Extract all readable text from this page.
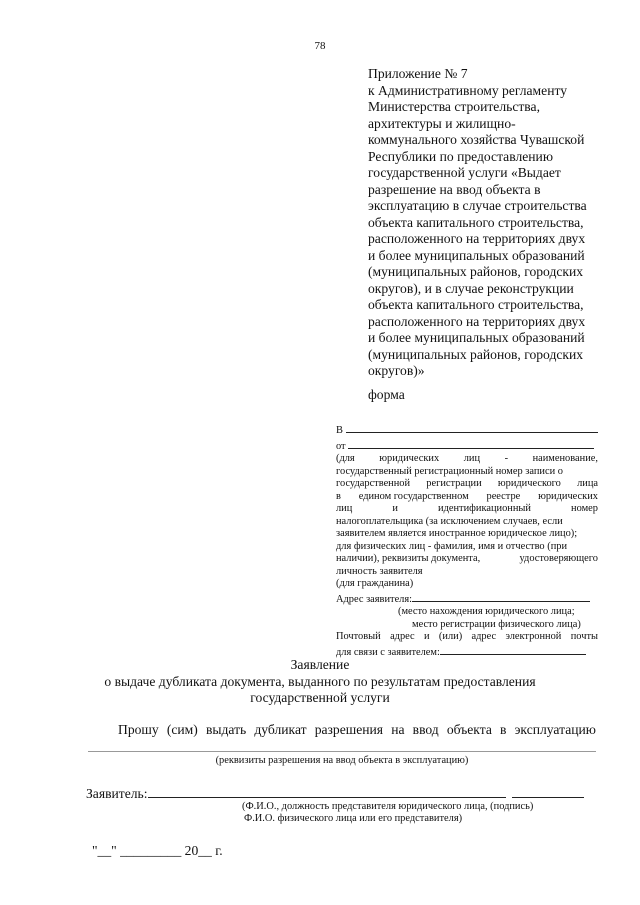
78
Приложение № 7
к Административному регламенту
Министерства строительства,
архитектуры и жилищно-
коммунального хозяйства Чувашской
Республики по предоставлению
государственной услуги «Выдает
разрешение на ввод объекта в
эксплуатацию в случае строительства
объекта капитального строительства,
расположенного на территориях двух
и более муниципальных образований
(муниципальных районов, городских
округов), и в случае реконструкции
объекта капитального строительства,
расположенного на территориях двух
и более муниципальных образований
(муниципальных районов, городских
округов)»
форма
В
от
(для юридических лиц - наименование,
государственный регистрационный номер записи о
государственной регистрации юридического лица
в едином государственном реестре юридических
лиц	и	идентификационный	номер
налогоплательщика (за исключением случаев, если
заявителем является иностранное юридическое лицо);
для физических лиц - фамилия, имя и отчество (при
наличии), реквизиты документа,	удостоверяющего
личность заявителя
(для гражданина)
Адрес заявителя:
(место нахождения юридического лица;
место регистрации физического лица)
Почтовый адрес и (или) адрес электронной почты
для связи с заявителем:
Заявление
о выдаче дубликата документа, выданного по результатам предоставления
государственной услуги
Прошу (сим) выдать дубликат разрешения на ввод объекта в эксплуатацию
(реквизиты разрешения на ввод объекта в эксплуатацию)
Заявитель:
(Ф.И.О., должность представителя юридического лица, (подпись)
Ф.И.О. физического лица или его представителя)
"__" _________ 20__ г.
